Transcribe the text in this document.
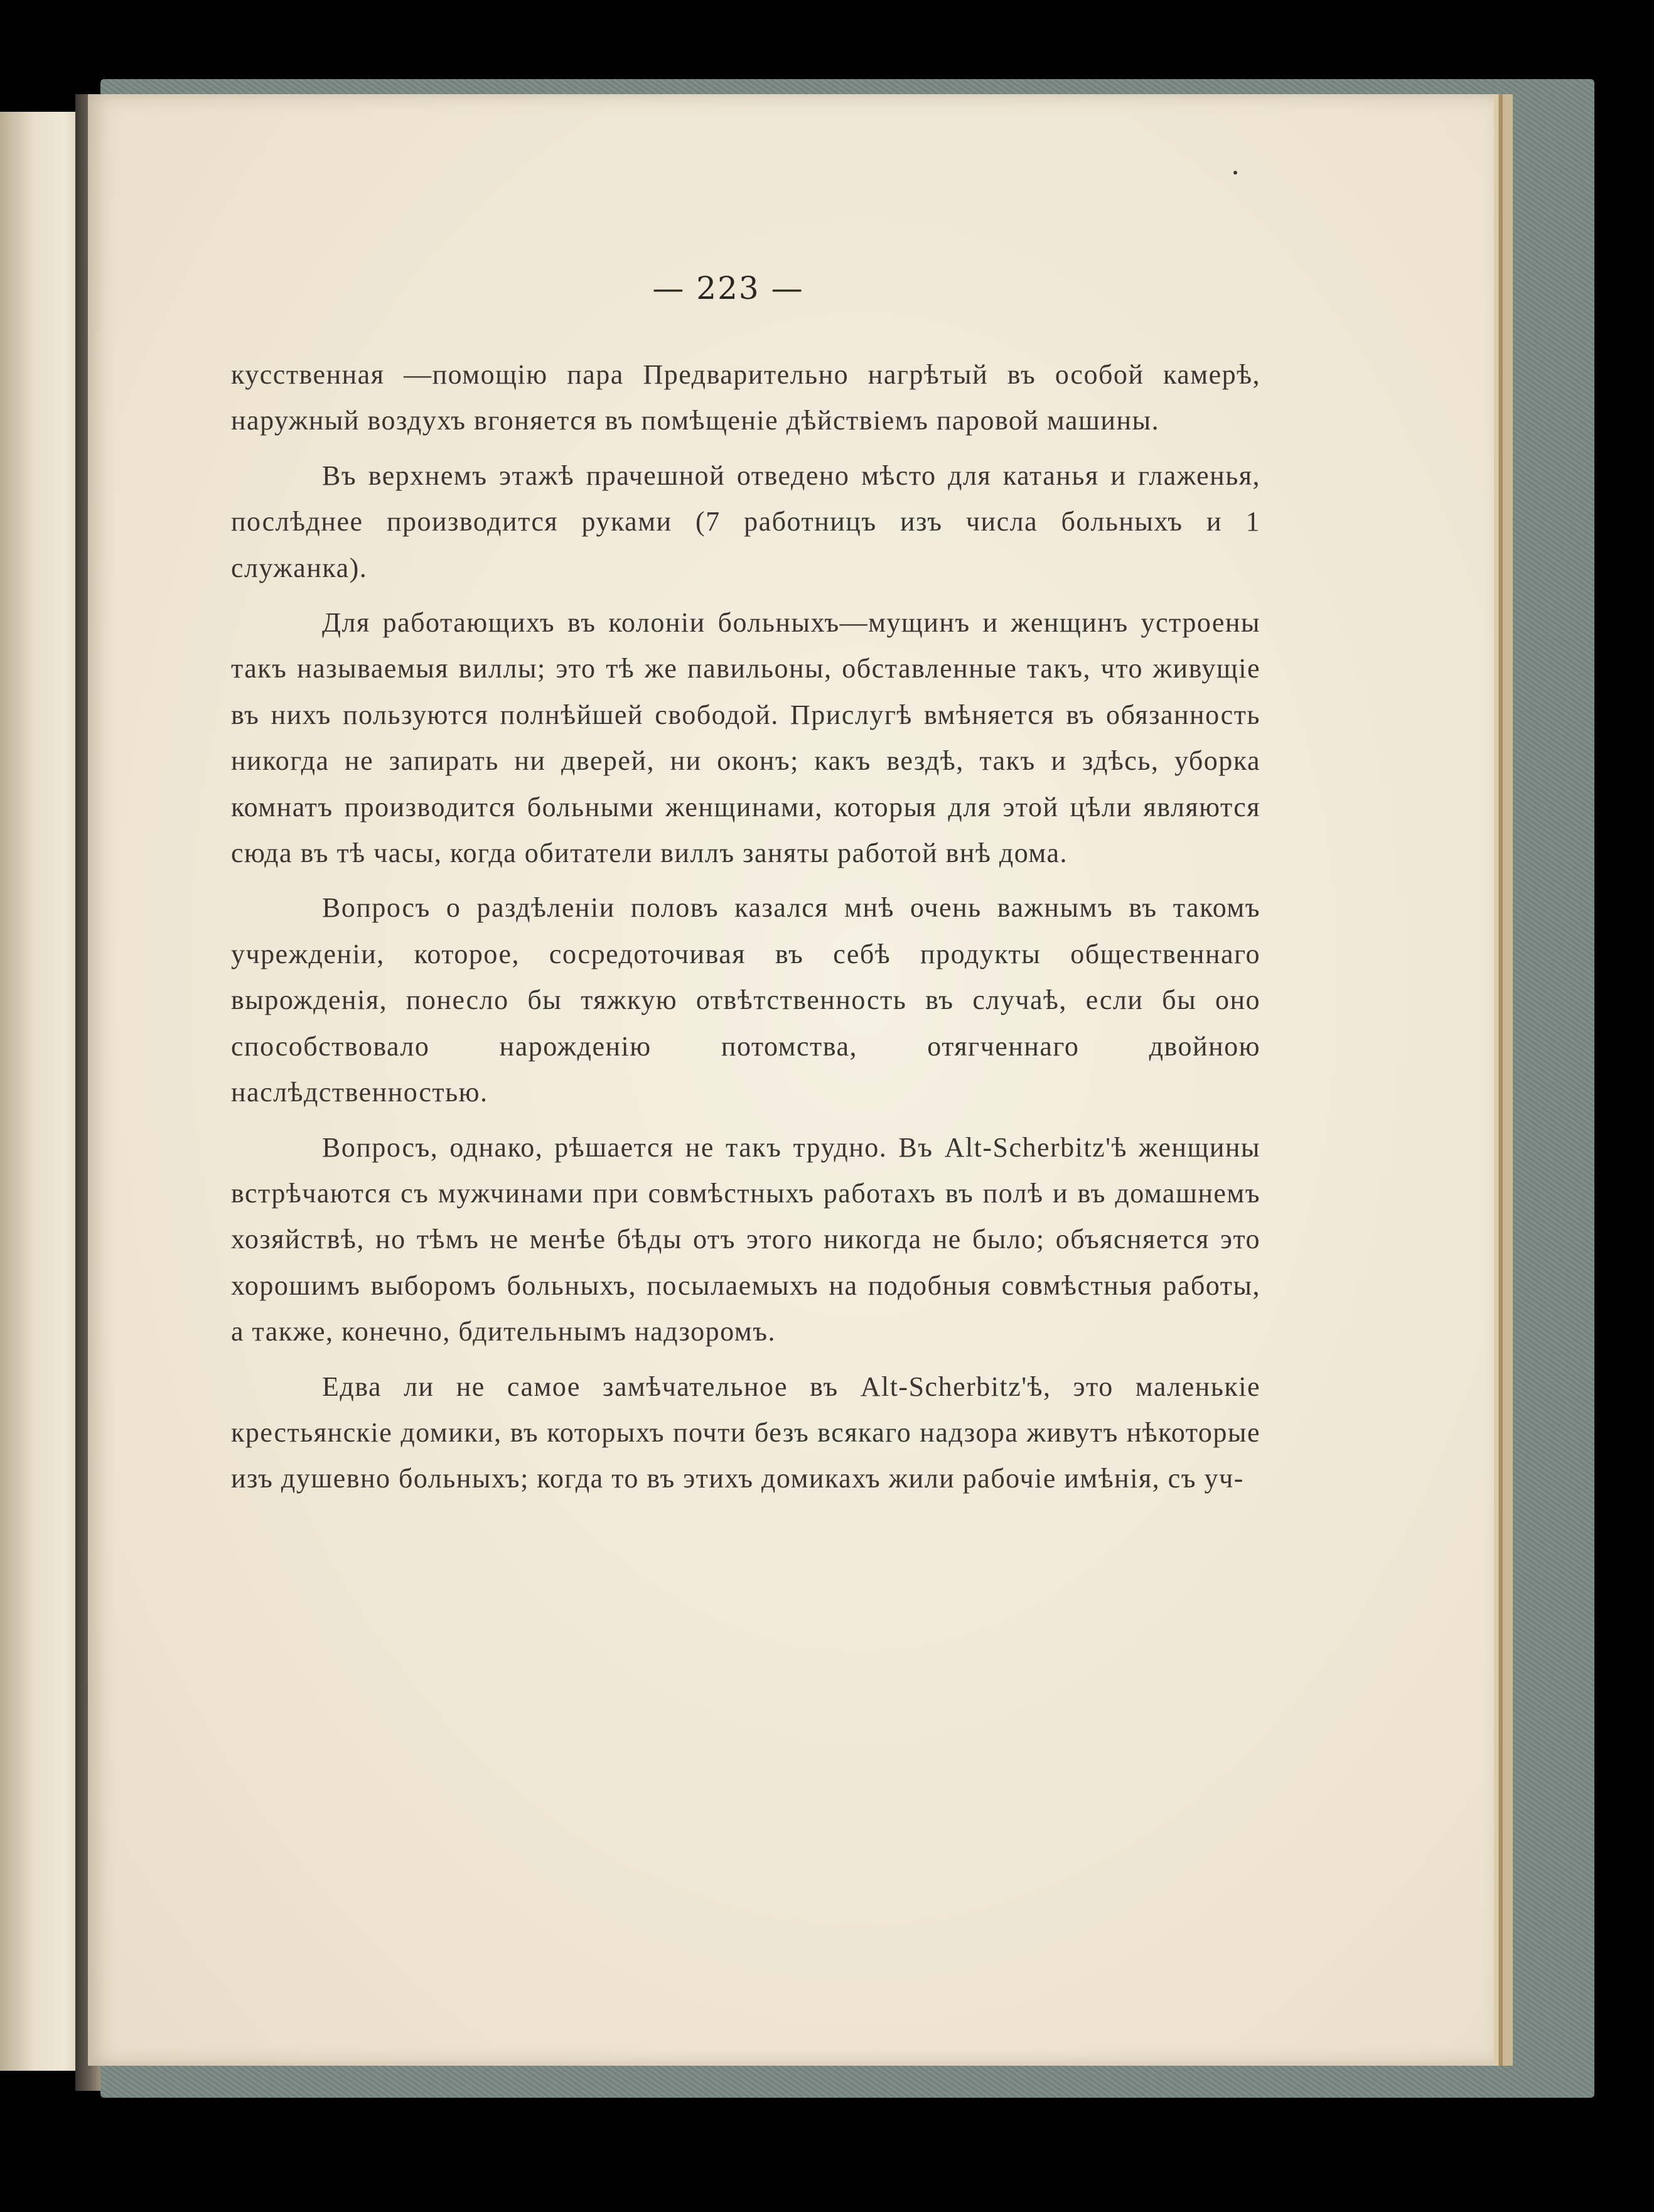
— 223 —

кусственная —помощію пара Предварительно нагрѣтый въ особой камерѣ, наружный воздухъ вгоняется въ помѣщеніе дѣйствіемъ паровой машины.

Въ верхнемъ этажѣ прачешной отведено мѣсто для катанья и глаженья, послѣднее производится руками (7 работницъ изъ числа больныхъ и 1 служанка).

Для работающихъ въ колоніи больныхъ—мущинъ и женщинъ устроены такъ называемыя виллы; это тѣ же павильоны, обставленные такъ, что живущіе въ нихъ пользуются полнѣйшей свободой. Прислугѣ вмѣняется въ обязанность никогда не запирать ни дверей, ни оконъ; какъ вездѣ, такъ и здѣсь, уборка комнатъ производится больными женщинами, которыя для этой цѣли являются сюда въ тѣ часы, когда обитатели виллъ заняты работой внѣ дома.

Вопросъ о раздѣленіи половъ казался мнѣ очень важнымъ въ такомъ учрежденіи, которое, сосредоточивая въ себѣ продукты общественнаго вырожденія, понесло бы тяжкую отвѣтственность въ случаѣ, если бы оно способствовало нарожденію потомства, отягченнаго двойною наслѣдственностью.

Вопросъ, однако, рѣшается не такъ трудно. Въ Alt-Scherbitz'ѣ женщины встрѣчаются съ мужчинами при совмѣстныхъ работахъ въ полѣ и въ домашнемъ хозяйствѣ, но тѣмъ не менѣе бѣды отъ этого никогда не было; объясняется это хорошимъ выборомъ больныхъ, посылаемыхъ на подобныя совмѣстныя работы, а также, конечно, бдительнымъ надзоромъ.

Едва ли не самое замѣчательное въ Alt-Scherbitz'ѣ, это маленькіе крестьянскіе домики, въ которыхъ почти безъ всякаго надзора живутъ нѣкоторые изъ душевно больныхъ; когда то въ этихъ домикахъ жили рабочіе имѣнія, съ уч-
